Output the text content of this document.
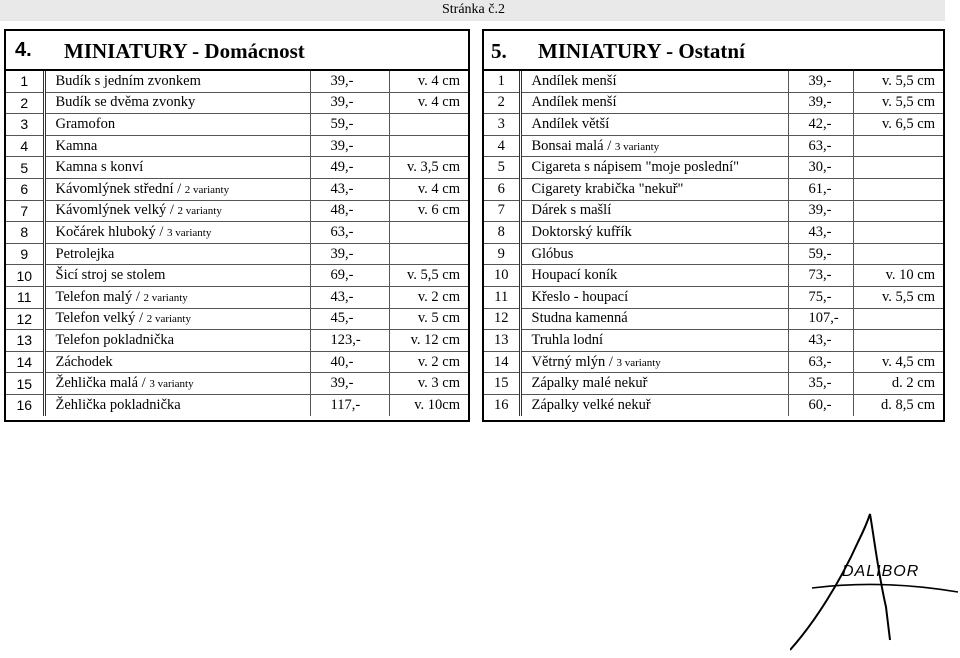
Stránka č.2
4. MINIATURY - Domácnost
1	Budík s jedním zvonkem	39,-	v. 4 cm
2	Budík se dvěma zvonky	39,-	v. 4 cm
3	Gramofon	59,-	
4	Kamna	39,-	
5	Kamna s konví	49,-	v. 3,5 cm
6	Kávomlýnek střední / 2 varianty	43,-	v. 4 cm
7	Kávomlýnek velký / 2 varianty	48,-	v. 6 cm
8	Kočárek hluboký / 3 varianty	63,-	
9	Petrolejka	39,-	
10	Šicí stroj se stolem	69,-	v. 5,5 cm
11	Telefon malý / 2 varianty	43,-	v. 2 cm
12	Telefon velký / 2 varianty	45,-	v. 5 cm
13	Telefon pokladnička	123,-	v. 12 cm
14	Záchodek	40,-	v. 2 cm
15	Žehlička malá / 3 varianty	39,-	v. 3 cm
16	Žehlička pokladnička	117,-	v. 10cm
5. MINIATURY - Ostatní
1	Andílek menší	39,-	v. 5,5 cm
2	Andílek menší	39,-	v. 5,5 cm
3	Andílek větší	42,-	v. 6,5 cm
4	Bonsai malá / 3 varianty	63,-	
5	Cigareta s nápisem "moje poslední"	30,-	
6	Cigarety krabička "nekuř"	61,-	
7	Dárek s mašlí	39,-	
8	Doktorský kufřík	43,-	
9	Glóbus	59,-	
10	Houpací koník	73,-	v. 10 cm
11	Křeslo - houpací	75,-	v. 5,5 cm
12	Studna kamenná	107,-	
13	Truhla lodní	43,-	
14	Větrný mlýn / 3 varianty	63,-	v. 4,5 cm
15	Zápalky malé nekuř	35,-	d. 2 cm
16	Zápalky velké nekuř	60,-	d. 8,5 cm
DALIBOR
